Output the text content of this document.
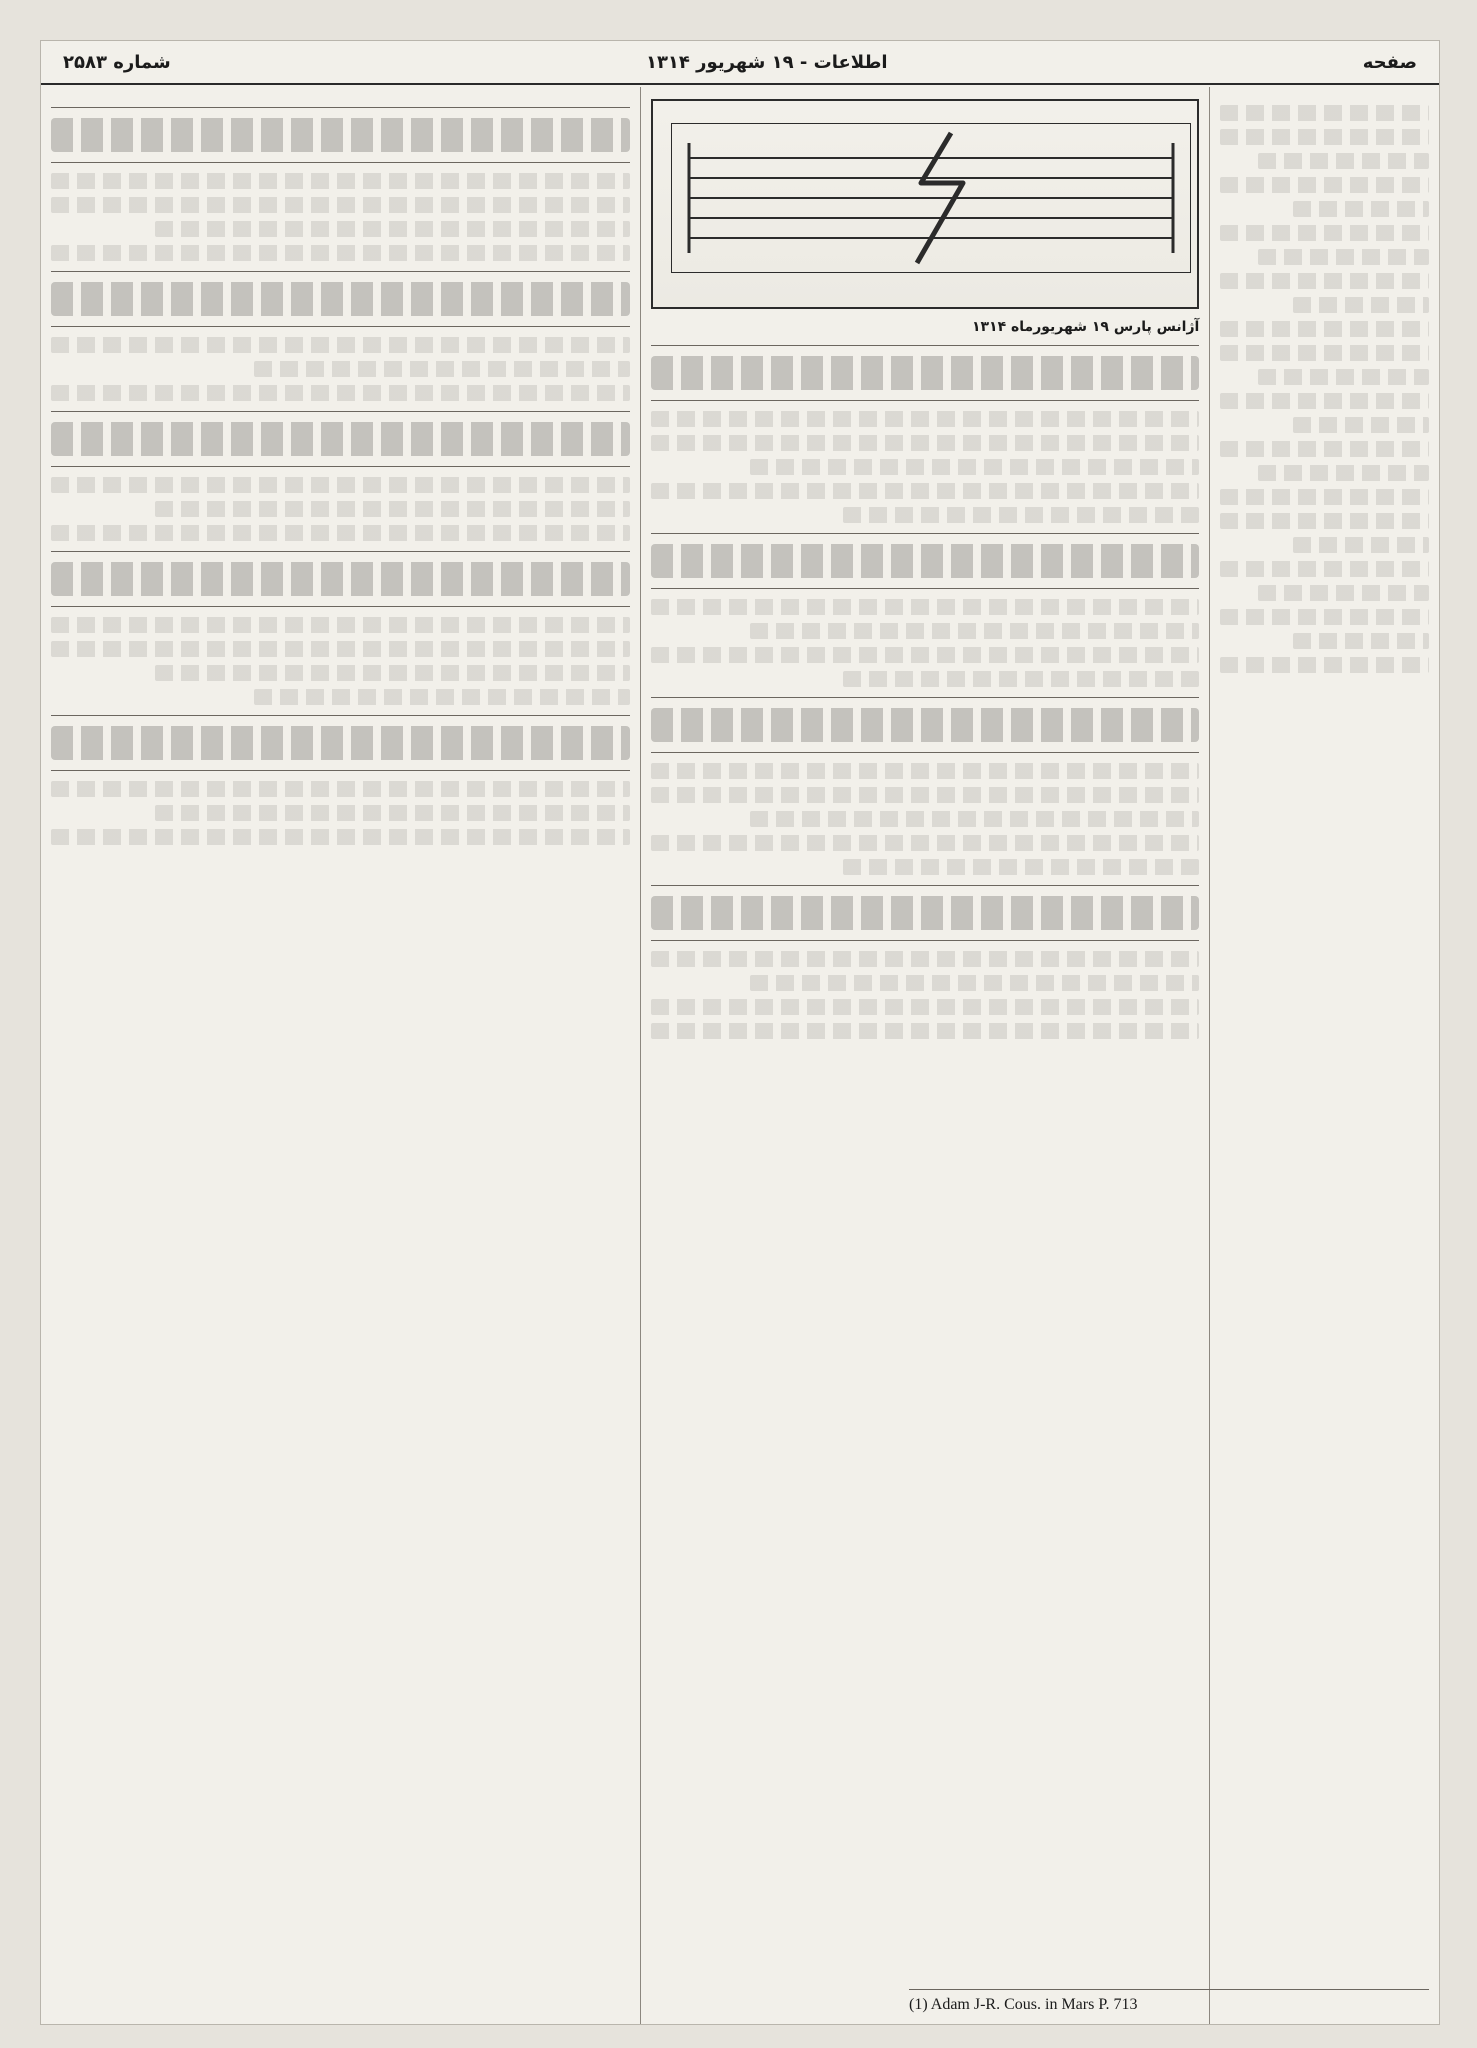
صفحه
اطلاعات - ۱۹ شهریور ۱۳۱۴
شماره ۲۵۸۳
آژانس پارس ۱۹ شهریورماه ۱۳۱۴
(1) Adam J-R. Cous. in Mars P. 713
